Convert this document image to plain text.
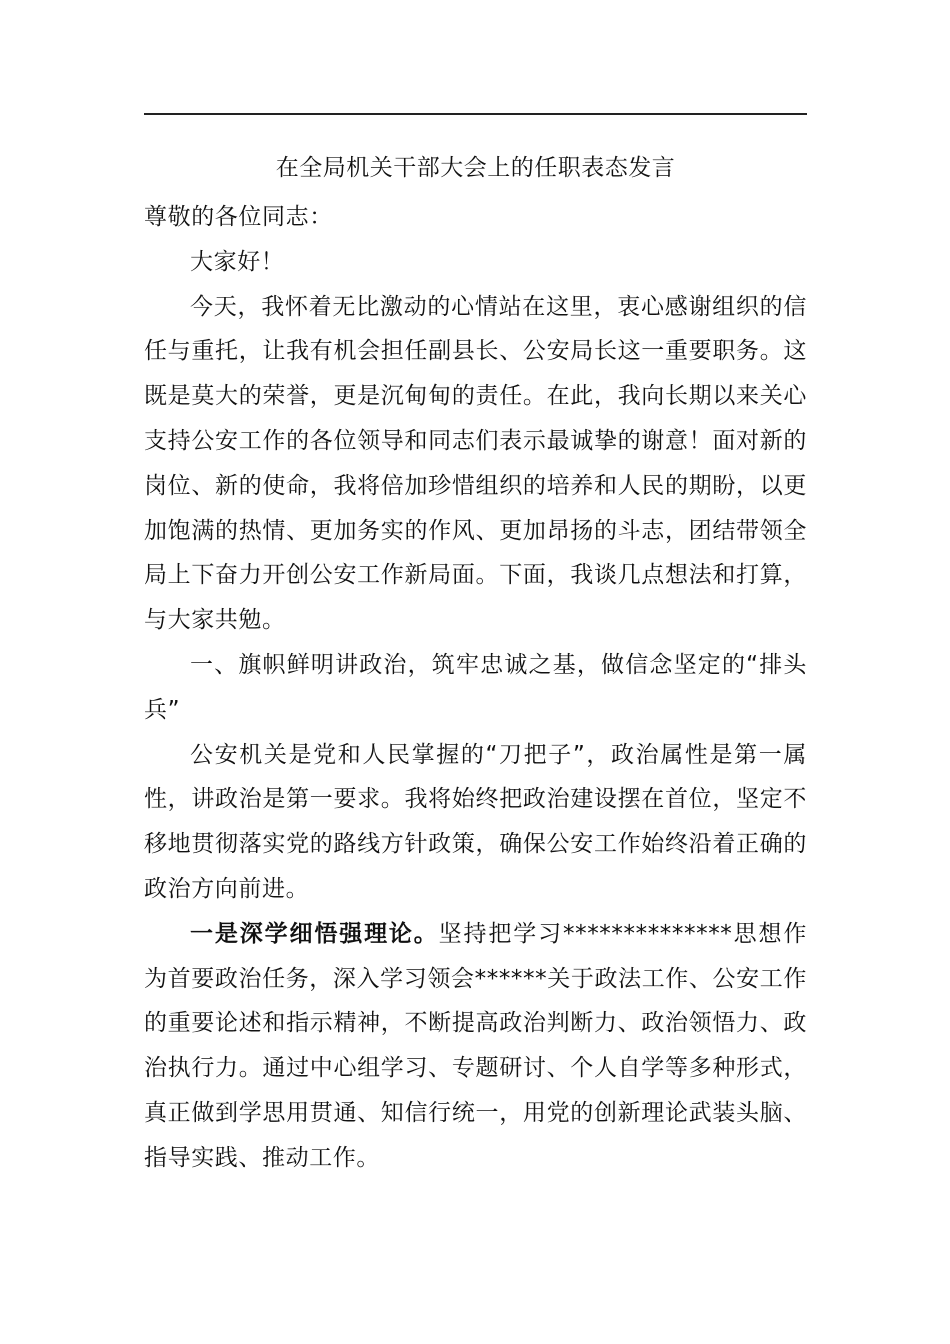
在全局机关干部大会上的任职表态发言

尊敬的各位同志：

大家好！

今天，我怀着无比激动的心情站在这里，衷心感谢组织的信任与重托，让我有机会担任副县长、公安局长这一重要职务。这既是莫大的荣誉，更是沉甸甸的责任。在此，我向长期以来关心支持公安工作的各位领导和同志们表示最诚挚的谢意！面对新的岗位、新的使命，我将倍加珍惜组织的培养和人民的期盼，以更加饱满的热情、更加务实的作风、更加昂扬的斗志，团结带领全局上下奋力开创公安工作新局面。下面，我谈几点想法和打算，与大家共勉。

一、旗帜鲜明讲政治，筑牢忠诚之基，做信念坚定的“排头兵”

公安机关是党和人民掌握的“刀把子”，政治属性是第一属性，讲政治是第一要求。我将始终把政治建设摆在首位，坚定不移地贯彻落实党的路线方针政策，确保公安工作始终沿着正确的政治方向前进。

一是深学细悟强理论。坚持把学习**************思想作为首要政治任务，深入学习领会******关于政法工作、公安工作的重要论述和指示精神，不断提高政治判断力、政治领悟力、政治执行力。通过中心组学习、专题研讨、个人自学等多种形式，真正做到学思用贯通、知信行统一，用党的创新理论武装头脑、指导实践、推动工作。
